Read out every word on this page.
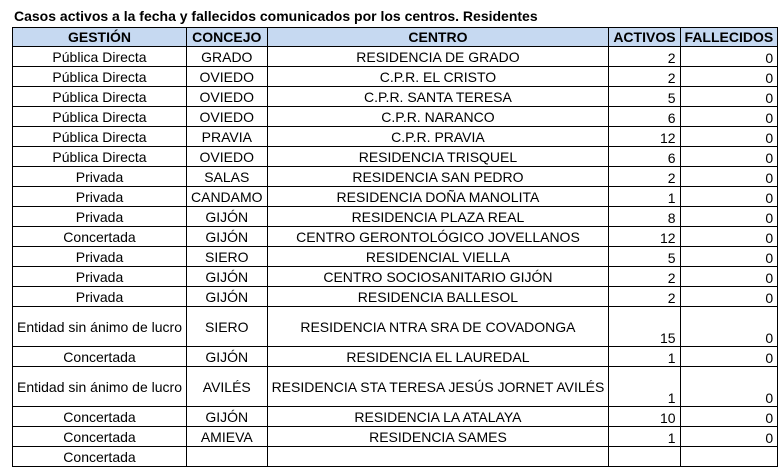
Casos activos a la fecha y fallecidos comunicados por los centros. Residentes
GESTIÓN	CONCEJO	CENTRO	ACTIVOS	FALLECIDOS
Pública Directa	GRADO	RESIDENCIA DE GRADO	2	0
Pública Directa	OVIEDO	C.P.R. EL CRISTO	2	0
Pública Directa	OVIEDO	C.P.R. SANTA TERESA	5	0
Pública Directa	OVIEDO	C.P.R. NARANCO	6	0
Pública Directa	PRAVIA	C.P.R. PRAVIA	12	0
Pública Directa	OVIEDO	RESIDENCIA TRISQUEL	6	0
Privada	SALAS	RESIDENCIA SAN PEDRO	2	0
Privada	CANDAMO	RESIDENCIA DOÑA MANOLITA	1	0
Privada	GIJÓN	RESIDENCIA PLAZA REAL	8	0
Concertada	GIJÓN	CENTRO GERONTOLÓGICO JOVELLANOS	12	0
Privada	SIERO	RESIDENCIAL VIELLA	5	0
Privada	GIJÓN	CENTRO SOCIOSANITARIO GIJÓN	2	0
Privada	GIJÓN	RESIDENCIA BALLESOL	2	0
Entidad sin ánimo de lucro	SIERO	RESIDENCIA NTRA SRA DE COVADONGA	15	0
Concertada	GIJÓN	RESIDENCIA EL LAUREDAL	1	0
Entidad sin ánimo de lucro	AVILÉS	RESIDENCIA STA TERESA JESÚS JORNET AVILÉS	1	0
Concertada	GIJÓN	RESIDENCIA LA ATALAYA	10	0
Concertada	AMIEVA	RESIDENCIA SAMES	1	0
Concertada				
